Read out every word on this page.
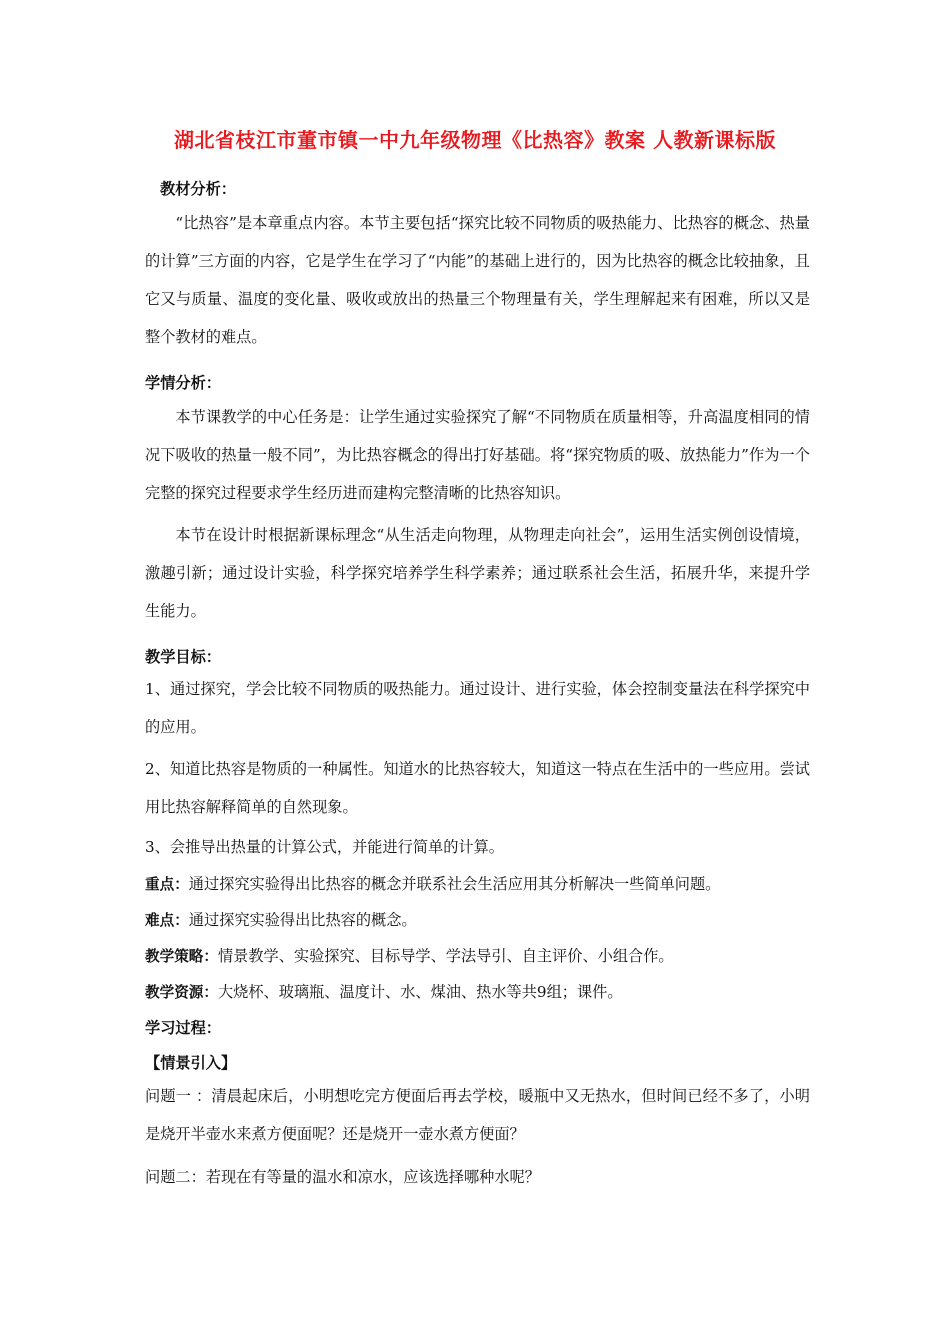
湖北省枝江市董市镇一中九年级物理《比热容》教案 人教新课标版
教材分析：
“比热容”是本章重点内容。本节主要包括“探究比较不同物质的吸热能力、比热容的概念、热量的计算”三方面的内容，它是学生在学习了“内能”的基础上进行的，因为比热容的概念比较抽象，且它又与质量、温度的变化量、吸收或放出的热量三个物理量有关，学生理解起来有困难，所以又是整个教材的难点。
学情分析：
本节课教学的中心任务是：让学生通过实验探究了解“不同物质在质量相等，升高温度相同的情况下吸收的热量一般不同”，为比热容概念的得出打好基础。将“探究物质的吸、放热能力”作为一个完整的探究过程要求学生经历进而建构完整清晰的比热容知识。
本节在设计时根据新课标理念“从生活走向物理，从物理走向社会”，运用生活实例创设情境，激趣引新；通过设计实验，科学探究培养学生科学素养；通过联系社会生活，拓展升华，来提升学生能力。
教学目标：
1、通过探究，学会比较不同物质的吸热能力。通过设计、进行实验，体会控制变量法在科学探究中的应用。
2、知道比热容是物质的一种属性。知道水的比热容较大，知道这一特点在生活中的一些应用。尝试用比热容解释简单的自然现象。
3、会推导出热量的计算公式，并能进行简单的计算。
重点：通过探究实验得出比热容的概念并联系社会生活应用其分析解决一些简单问题。
难点：通过探究实验得出比热容的概念。
教学策略：情景教学、实验探究、目标导学、学法导引、自主评价、小组合作。
教学资源：大烧杯、玻璃瓶、温度计、水、煤油、热水等共9组；课件。
学习过程：
【情景引入】
问题一 ：清晨起床后，小明想吃完方便面后再去学校，暖瓶中又无热水，但时间已经不多了，小明是烧开半壶水来煮方便面呢？还是烧开一壶水煮方便面？
问题二：若现在有等量的温水和凉水，应该选择哪种水呢？
